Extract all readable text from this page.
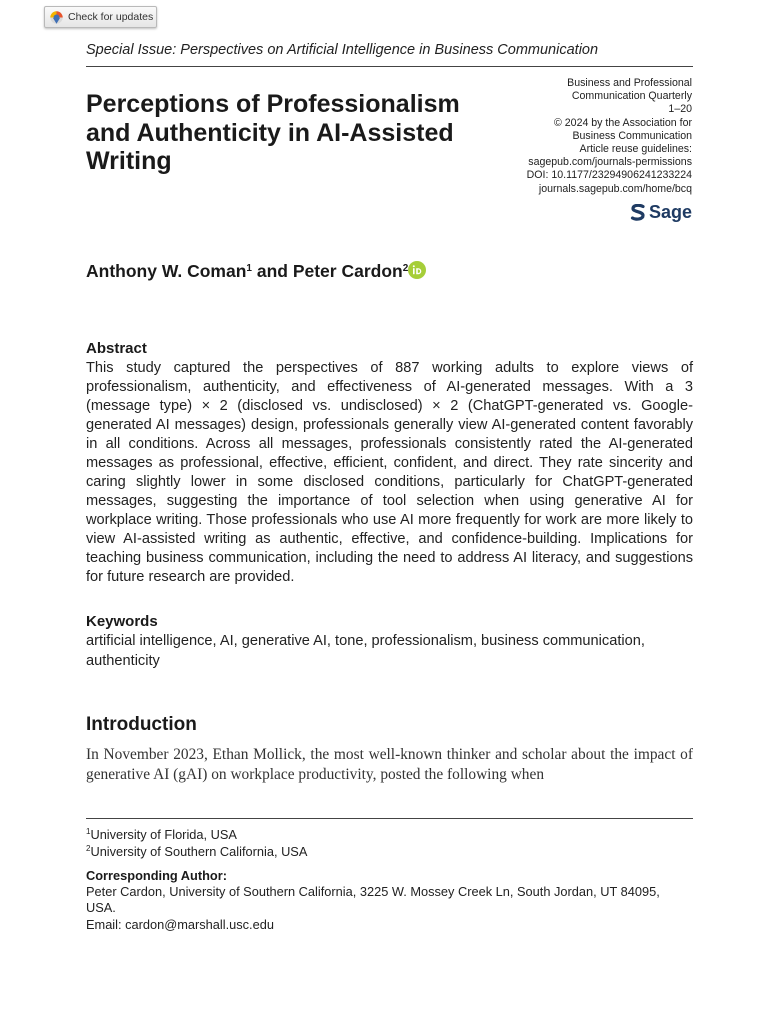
Check for updates
Special Issue: Perspectives on Artificial Intelligence in Business Communication
Perceptions of Professionalism and Authenticity in AI-Assisted Writing
Business and Professional
Communication Quarterly
1–20
© 2024 by the Association for
Business Communication
Article reuse guidelines:
sagepub.com/journals-permissions
DOI: 10.1177/23294906241233224
journals.sagepub.com/home/bcq
Sage
Anthony W. Coman$^1$ and Peter Cardon$^2$
Abstract

This study captured the perspectives of 887 working adults to explore views of professionalism, authenticity, and effectiveness of AI-generated messages. With a 3 (message type) × 2 (disclosed vs. undisclosed) × 2 (ChatGPT-generated vs. Google-generated AI messages) design, professionals generally view AI-generated content favorably in all conditions. Across all messages, professionals consistently rated the AI-generated messages as professional, effective, efficient, confident, and direct. They rate sincerity and caring slightly lower in some disclosed conditions, particularly for ChatGPT-generated messages, suggesting the importance of tool selection when using generative AI for workplace writing. Those professionals who use AI more frequently for work are more likely to view AI-assisted writing as authentic, effective, and confidence-building. Implications for teaching business communication, including the need to address AI literacy, and suggestions for future research are provided.

Keywords

artificial intelligence, AI, generative AI, tone, professionalism, business communication, authenticity

Introduction

In November 2023, Ethan Mollick, the most well-known thinker and scholar about the impact of generative AI (gAI) on workplace productivity, posted the following when

$^1$University of Florida, USA
$^2$University of Southern California, USA
Corresponding Author:

Peter Cardon, University of Southern California, 3225 W. Mossey Creek Ln, South Jordan, UT 84095, USA.

Email: cardon@marshall.usc.edu
